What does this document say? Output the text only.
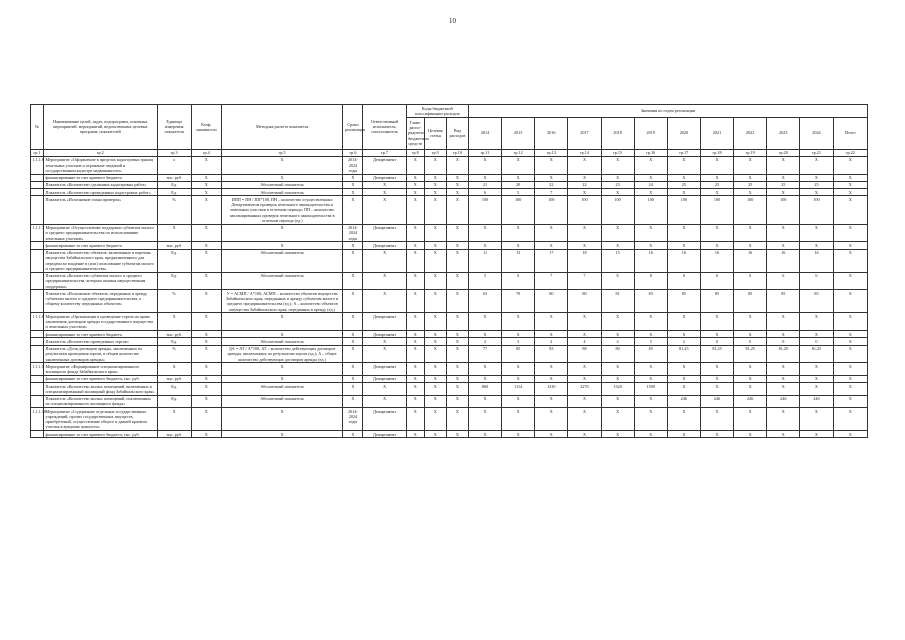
10
№	Наименование целей, задач, подпрограмм, основных мероприятий, мероприятий, ведомственных целевых программ, показателей	Единица измерения показателя	Коэф. значимости	Методика расчета показателя	Сроки реализации	Ответственный исполнитель, соисполнитель	Коды бюджетной классификации расходов			Значения по годам реализации											
							Глава-распо-рядитель бюджетных средств	Целевая статья	Вид расходов	2014	2015	2016	2017	2018	2019	2020	2021	2022	2023	2024	Итого
гр.1	гр.2	гр.3	гр.4	гр.5	гр.6	гр.7	гр.8	гр.9	гр.10	гр.11	гр.12	гр.13	гр.14	гр.15	гр.16	гр.17	гр.18	гр.19	гр.20	гр.21	гр.22
1.1.1.6	Мероприятие «Оформление в пределах кадастровых границ земельных участков и отражение сведений в государственном кадастре недвижимости»	х	Х	Х	2014-2024 годы	Департамент	Х	Х	Х	Х	Х	Х	Х	Х	Х	Х	Х	Х	Х	Х	Х
	финансирование за счет краевого бюджета	тыс. руб.	Х	Х	Х	Департамент	Х	Х	Х	Х	Х	Х	Х	Х	Х	Х	Х	Х	Х	Х	Х
	Показатель «Количество сделанных кадастровых работ»	Ед.	Х	Абсолютный показатель	Х	Х	Х	Х	Х	21	20	22	22	23	24	25	25	25	25	25	Х
	Показатель «Количество проведенных кадастровых работ»	Ед.	Х	Абсолютный показатель	Х	Х	Х	Х	Х	6	5	7	Х	Х	Х	Х	Х	Х	Х	Х	Х
	Показатель «Исполнение плана проверок»	%	Х	ИПП = ПН / ПП*100, ПН – количество осуществленных Департаментом проверок земельного законодательства и земельных участков в отчетном периоде; ПП – количество запланированных проверок земельного законодательства в отчетном периоде (ед.)	Х	Х	Х	Х	Х	100	100	100	100	100	100	100	100	100	100	100	Х
1.1.1.7	Мероприятие «Осуществление поддержки субъектов малого и среднего предпринимательства по использованию земельных участков»	Х	Х	Х	2014-2024 годы	Департамент	Х	Х	Х	Х	Х	Х	Х	Х	Х	Х	Х	Х	Х	Х	Х
	финансирование за счет краевого бюджета	тыс. руб.	Х	Х	Х	Департамент	Х	Х	Х	Х	Х	Х	Х	Х	Х	Х	Х	Х	Х	Х	Х
	Показатель «Количество объектов, включенных в перечень имущества Забайкальского края, предназначенного для передачи во владение и (или) пользование субъектам малого и среднего предпринимательства»	Ед.	Х	Абсолютный показатель	Х	Х	Х	Х	Х	11	13	17	18	15	16	16	16	16	16	16	Х
	Показатель «Количество субъектов малого и среднего предпринимательства, которым оказана имущественная поддержка»	Ед.	Х	Абсолютный показатель	Х	Х	Х	Х	Х	5	6	7	7	8	8	6	6	6	6	6	Х
	Показатель «Исполнение объектов, переданных в аренду субъектам малого и среднего предпринимательства, к общему количеству переданных объектов»	%	Х	У = АСМП / А*100, АСМП – количество объектов имущества Забайкальского края, переданных в аренду субъектам малого и среднего предпринимательства (ед.); А – количество объектов имущества Забайкальского края, переданных в аренду (ед.)	Х	Х	Х	Х	Х	63	70	80	80	81	83	85	85	85	85	85	Х
1.1.1.8	Мероприятие «Организация и проведение торгов на право заключения договоров аренды государственного имущества и земельных участков»	Х	Х	Х	Х	Департамент	Х	Х	Х	Х	Х	Х	Х	Х	Х	Х	Х	Х	Х	Х	Х
	финансирование за счет краевого бюджета	тыс. руб.	Х	Х	Х	Департамент	Х	Х	Х	Х	Х	Х	Х	Х	Х	Х	Х	Х	Х	Х	Х
	Показатель «Количество проведенных торгов»	Ед.	Х	Абсолютный показатель	Х	Х	Х	Х	Х	2	3	2	4	4	5	2	0	0	0	0	Х
	Показатель «Доля договоров аренды, заключенных по результатам проведения торгов, в общем количестве заключенных договоров аренды»	%	Х	ДА = АТ / А*100, АТ – количество действующих договоров аренды, заключенных по результатам торгов (ед.); А – общее количество действующих договоров аренды (ед.)	Х	Х	Х	Х	Х	77	85	83	88	80	85	81,25	81,25	81,25	81,25	81,25	Х
1.1.1.9	Мероприятие «Формирование специализированного жилищного фонда Забайкальского края»	Х	Х	Х	Х	Департамент	Х	Х	Х	Х	Х	Х	Х	Х	Х	Х	Х	Х	Х	Х	Х
	финансирование за счет краевого бюджета, тыс. руб.	тыс. руб.	Х	Х	Х	Департамент	Х	Х	Х	Х	Х	Х	Х	Х	Х	Х	Х	Х	Х	Х	Х
	Показатель «Количество жилых помещений, включенных в специализированный жилищный фонд Забайкальского края»	Ед.	Х	Абсолютный показатель	Х	Х	Х	Х	Х	860	1114	1410	2270	1320	1500	Х	Х	Х	Х	Х	Х
	Показатель «Количество жилых помещений, исключенных из специализированного жилищного фонда»	Ед.	Х	Абсолютный показатель	Х	Х	Х	Х	Х	Х	Х	Х	Х	Х	Х	246	246	246	246	246	Х
1.1.1.10	Мероприятие «Содержание отдельных государственных учреждений, прочих государственных имуществ, приобретений, осуществление общего и давней краевого участия в аукционе ценности»	Х	Х	Х	2014-2024 годы	Департамент	Х	Х	Х	Х	Х	Х	Х	Х	Х	Х	Х	Х	Х	Х	Х
	финансирование за счет краевого бюджета, тыс. руб.	тыс. руб.	Х	Х	Х	Департамент	Х	Х	Х	Х	Х	Х	Х	Х	Х	Х	Х	Х	Х	Х	Х
